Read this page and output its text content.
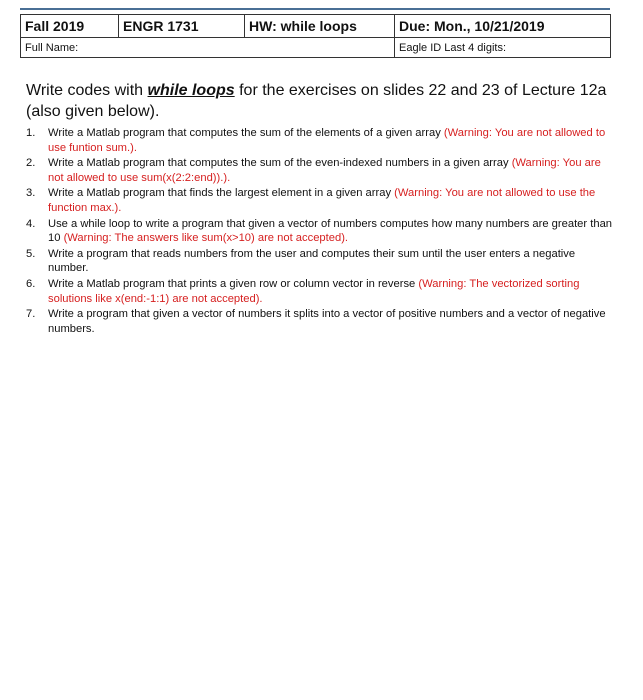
Fall 2019	ENGR 1731	HW: while loops	Due: Mon., 10/21/2019
Full Name:			Eagle ID Last 4 digits:
Write codes with while loops for the exercises on slides 22 and 23 of Lecture 12a (also given below).
1. Write a Matlab program that computes the sum of the elements of a given array (Warning: You are not allowed to use funtion sum.).
2. Write a Matlab program that computes the sum of the even-indexed numbers in a given array (Warning: You are not allowed to use sum(x(2:2:end)).).
3. Write a Matlab program that finds the largest element in a given array (Warning: You are not allowed to use the function max.).
4. Use a while loop to write a program that given a vector of numbers computes how many numbers are greater than 10 (Warning: The answers like sum(x>10) are not accepted).
5. Write a program that reads numbers from the user and computes their sum until the user enters a negative number.
6. Write a Matlab program that prints a given row or column vector in reverse (Warning: The vectorized sorting solutions like x(end:-1:1) are not accepted).
7. Write a program that given a vector of numbers it splits into a vector of positive numbers and a vector of negative numbers.
